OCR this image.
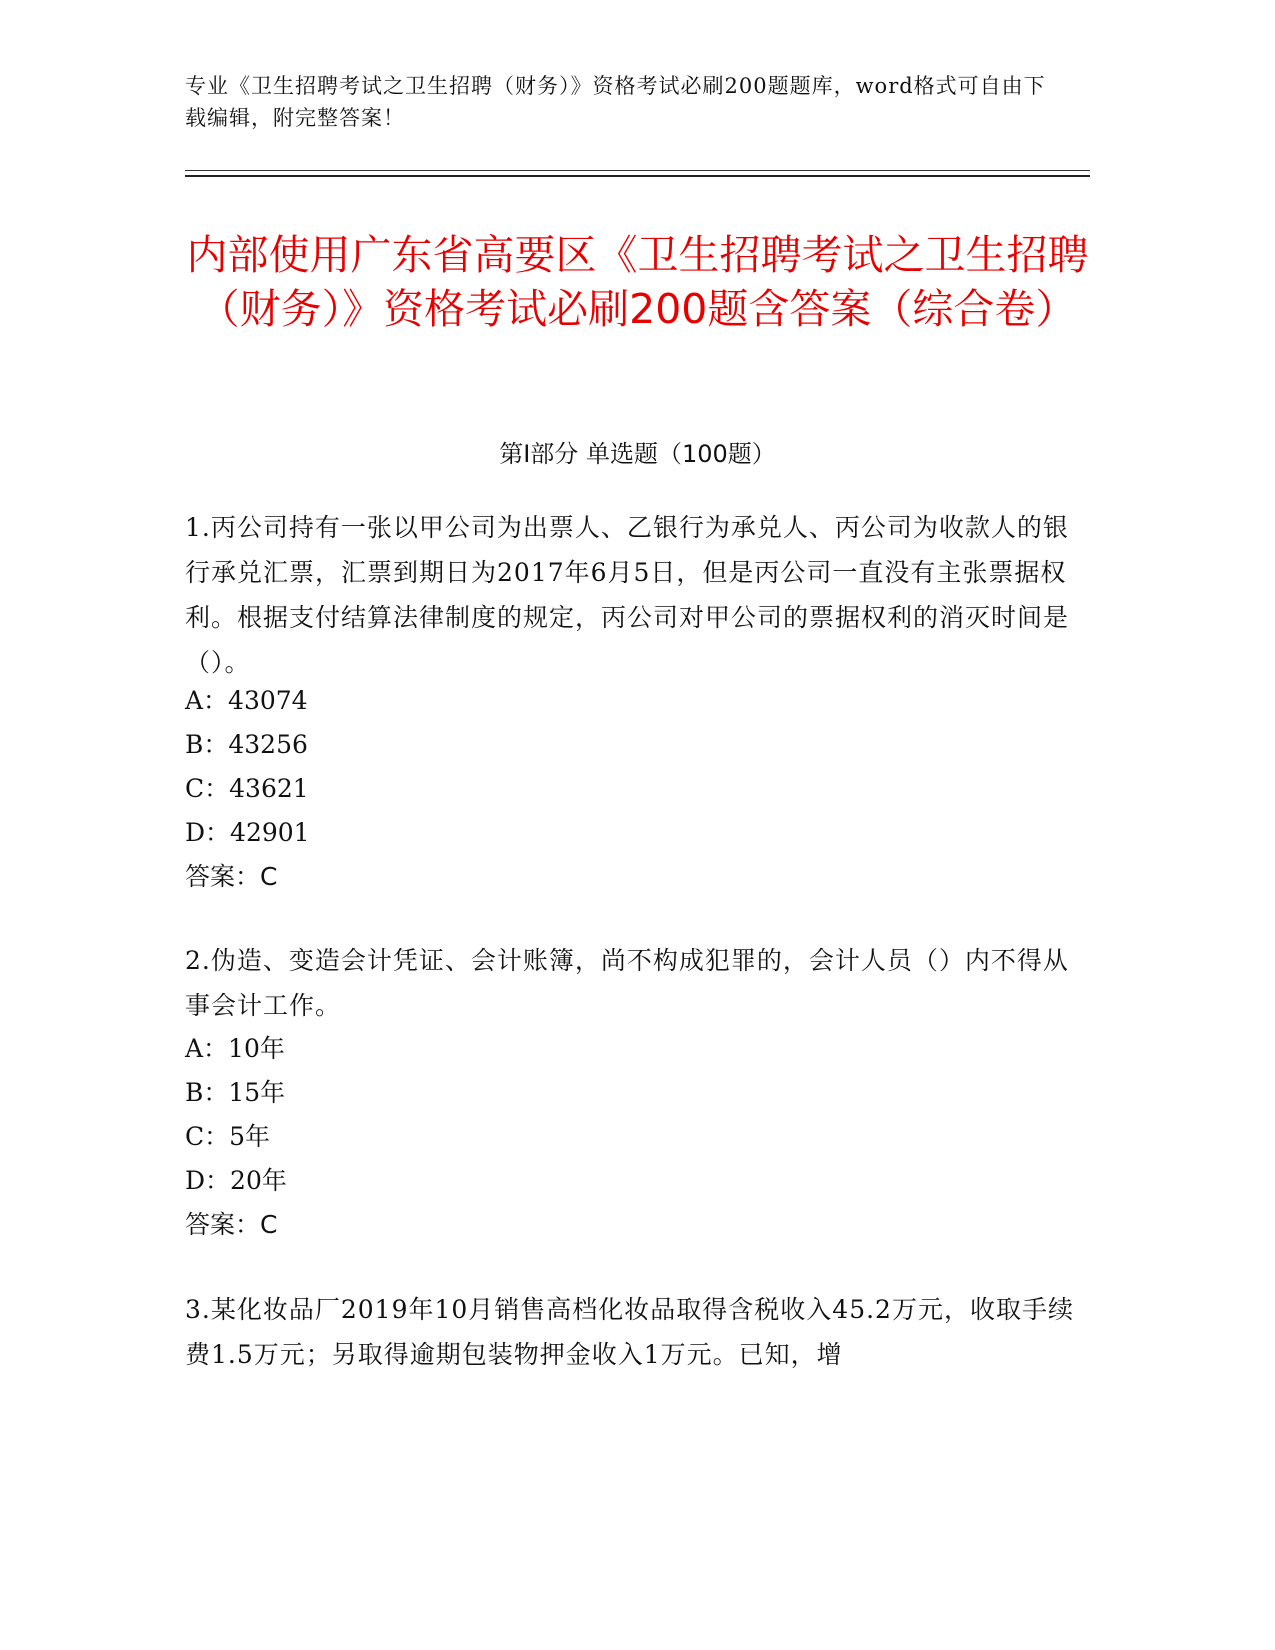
专业《卫生招聘考试之卫生招聘（财务）》资格考试必刷200题题库，word格式可自由下载编辑，附完整答案！
内部使用广东省高要区《卫生招聘考试之卫生招聘（财务）》资格考试必刷200题含答案（综合卷）
第Ⅰ部分 单选题（100题）
1.丙公司持有一张以甲公司为出票人、乙银行为承兑人、丙公司为收款人的银行承兑汇票，汇票到期日为2017年6月5日，但是丙公司一直没有主张票据权利。根据支付结算法律制度的规定，丙公司对甲公司的票据权利的消灭时间是（）。
A：43074
B：43256
C：43621
D：42901
答案：C
2.伪造、变造会计凭证、会计账簿，尚不构成犯罪的，会计人员（）内不得从事会计工作。
A：10年
B：15年
C：5年
D：20年
答案：C
3.某化妆品厂2019年10月销售高档化妆品取得含税收入45.2万元，收取手续费1.5万元；另取得逾期包装物押金收入1万元。已知，增
